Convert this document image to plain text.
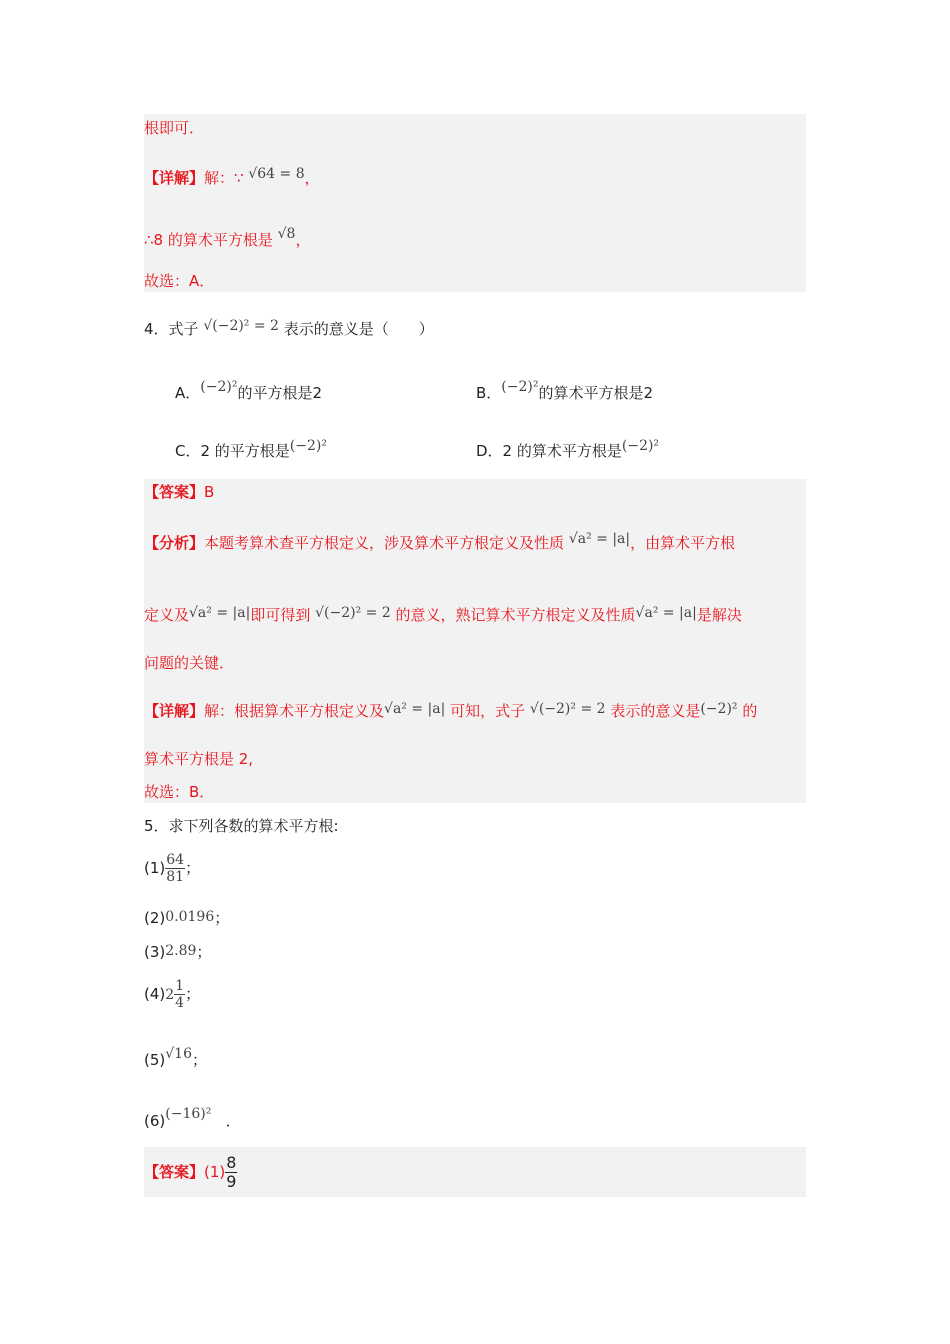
根即可．
【详解】解：∵ √64 = 8，
∴8 的算术平方根是 √8，
故选：A．
4．式子 √(−2)² = 2 表示的意义是（　　）
A．(−2)²的平方根是2	B．(−2)²的算术平方根是2
C．2 的平方根是(−2)²	D．2 的算术平方根是(−2)²
【答案】B
【分析】本题考算术查平方根定义，涉及算术平方根定义及性质 √a² = |a|，由算术平方根
定义及√a² = |a|即可得到 √(−2)² = 2 的意义，熟记算术平方根定义及性质√a² = |a|是解决
问题的关键．
【详解】解：根据算术平方根定义及√a² = |a| 可知，式子 √(−2)² = 2 表示的意义是(−2)² 的
算术平方根是 2,
故选：B．
5．求下列各数的算术平方根:
$(1) \frac{64}{81}$ ；
(2)0.0196；
(3)2.89；
$(4)2 \frac{1}{4}$ ；
(5)√16；
(6)(−16)² ．
【答案】$(1) \frac{8}{9}$
